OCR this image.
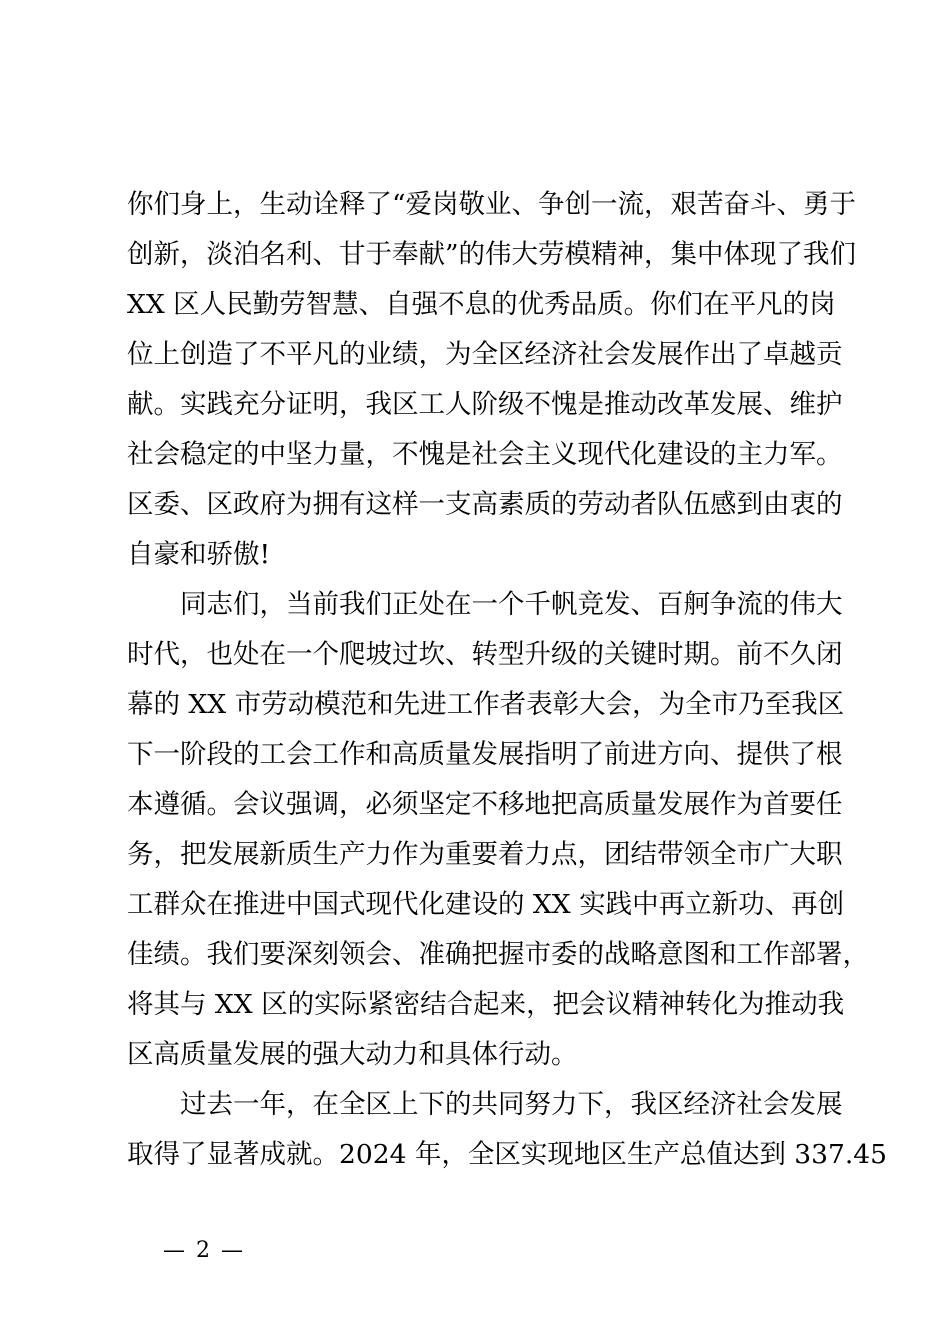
你们身上，生动诠释了“爱岗敬业、争创一流，艰苦奋斗、勇于
创新，淡泊名利、甘于奉献”的伟大劳模精神，集中体现了我们
XX 区人民勤劳智慧、自强不息的优秀品质。你们在平凡的岗
位上创造了不平凡的业绩，为全区经济社会发展作出了卓越贡
献。实践充分证明，我区工人阶级不愧是推动改革发展、维护
社会稳定的中坚力量，不愧是社会主义现代化建设的主力军。
区委、区政府为拥有这样一支高素质的劳动者队伍感到由衷的
自豪和骄傲!
　　同志们，当前我们正处在一个千帆竞发、百舸争流的伟大
时代，也处在一个爬坡过坎、转型升级的关键时期。前不久闭
幕的 XX 市劳动模范和先进工作者表彰大会，为全市乃至我区
下一阶段的工会工作和高质量发展指明了前进方向、提供了根
本遵循。会议强调，必须坚定不移地把高质量发展作为首要任
务，把发展新质生产力作为重要着力点，团结带领全市广大职
工群众在推进中国式现代化建设的 XX 实践中再立新功、再创
佳绩。我们要深刻领会、准确把握市委的战略意图和工作部署，
将其与 XX 区的实际紧密结合起来，把会议精神转化为推动我
区高质量发展的强大动力和具体行动。
　　过去一年，在全区上下的共同努力下，我区经济社会发展
取得了显著成就。2024 年，全区实现地区生产总值达到 337.45
— 2 —
